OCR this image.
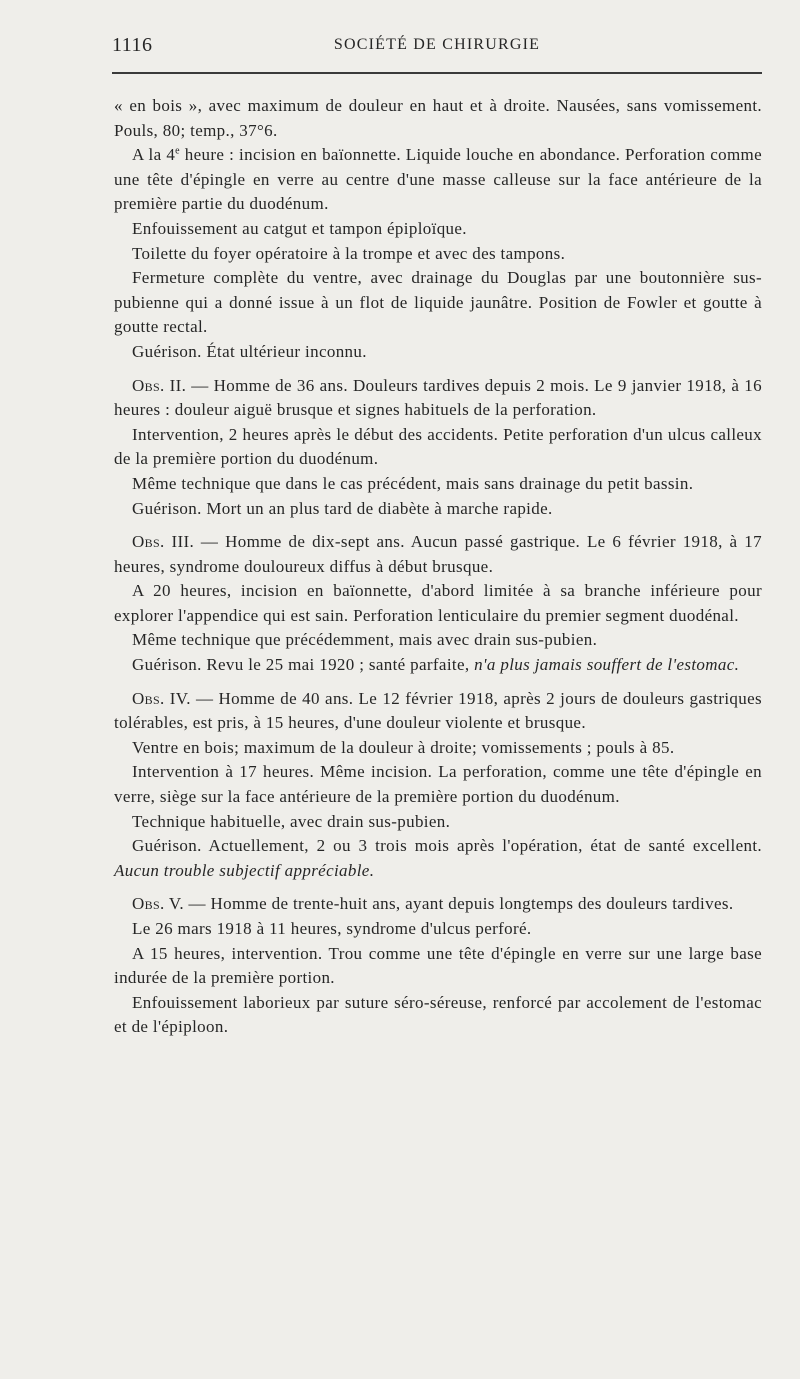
1116	SOCIÉTÉ DE CHIRURGIE

« en bois », avec maximum de douleur en haut et à droite. Nausées, sans vomissement. Pouls, 80; temp., 37°6.

A la 4e heure : incision en baïonnette. Liquide louche en abondance. Perforation comme une tête d'épingle en verre au centre d'une masse calleuse sur la face antérieure de la première partie du duodénum.

Enfouissement au catgut et tampon épiploïque.

Toilette du foyer opératoire à la trompe et avec des tampons.

Fermeture complète du ventre, avec drainage du Douglas par une boutonnière sus-pubienne qui a donné issue à un flot de liquide jaunâtre. Position de Fowler et goutte à goutte rectal.

Guérison. État ultérieur inconnu.

Obs. II. — Homme de 36 ans. Douleurs tardives depuis 2 mois. Le 9 janvier 1918, à 16 heures : douleur aiguë brusque et signes habituels de la perforation.

Intervention, 2 heures après le début des accidents. Petite perforation d'un ulcus calleux de la première portion du duodénum.

Même technique que dans le cas précédent, mais sans drainage du petit bassin.

Guérison. Mort un an plus tard de diabète à marche rapide.

Obs. III. — Homme de dix-sept ans. Aucun passé gastrique. Le 6 février 1918, à 17 heures, syndrome douloureux diffus à début brusque.

A 20 heures, incision en baïonnette, d'abord limitée à sa branche inférieure pour explorer l'appendice qui est sain. Perforation lenticulaire du premier segment duodénal.

Même technique que précédemment, mais avec drain sus-pubien.

Guérison. Revu le 25 mai 1920 ; santé parfaite, n'a plus jamais souffert de l'estomac.

Obs. IV. — Homme de 40 ans. Le 12 février 1918, après 2 jours de douleurs gastriques tolérables, est pris, à 15 heures, d'une douleur violente et brusque.

Ventre en bois; maximum de la douleur à droite; vomissements ; pouls à 85.

Intervention à 17 heures. Même incision. La perforation, comme une tête d'épingle en verre, siège sur la face antérieure de la première portion du duodénum.

Technique habituelle, avec drain sus-pubien.

Guérison. Actuellement, 2 ou 3 trois mois après l'opération, état de santé excellent. Aucun trouble subjectif appréciable.

Obs. V. — Homme de trente-huit ans, ayant depuis longtemps des douleurs tardives.

Le 26 mars 1918 à 11 heures, syndrome d'ulcus perforé.

A 15 heures, intervention. Trou comme une tête d'épingle en verre sur une large base indurée de la première portion.

Enfouissement laborieux par suture séro-séreuse, renforcé par accolement de l'estomac et de l'épiploon.
